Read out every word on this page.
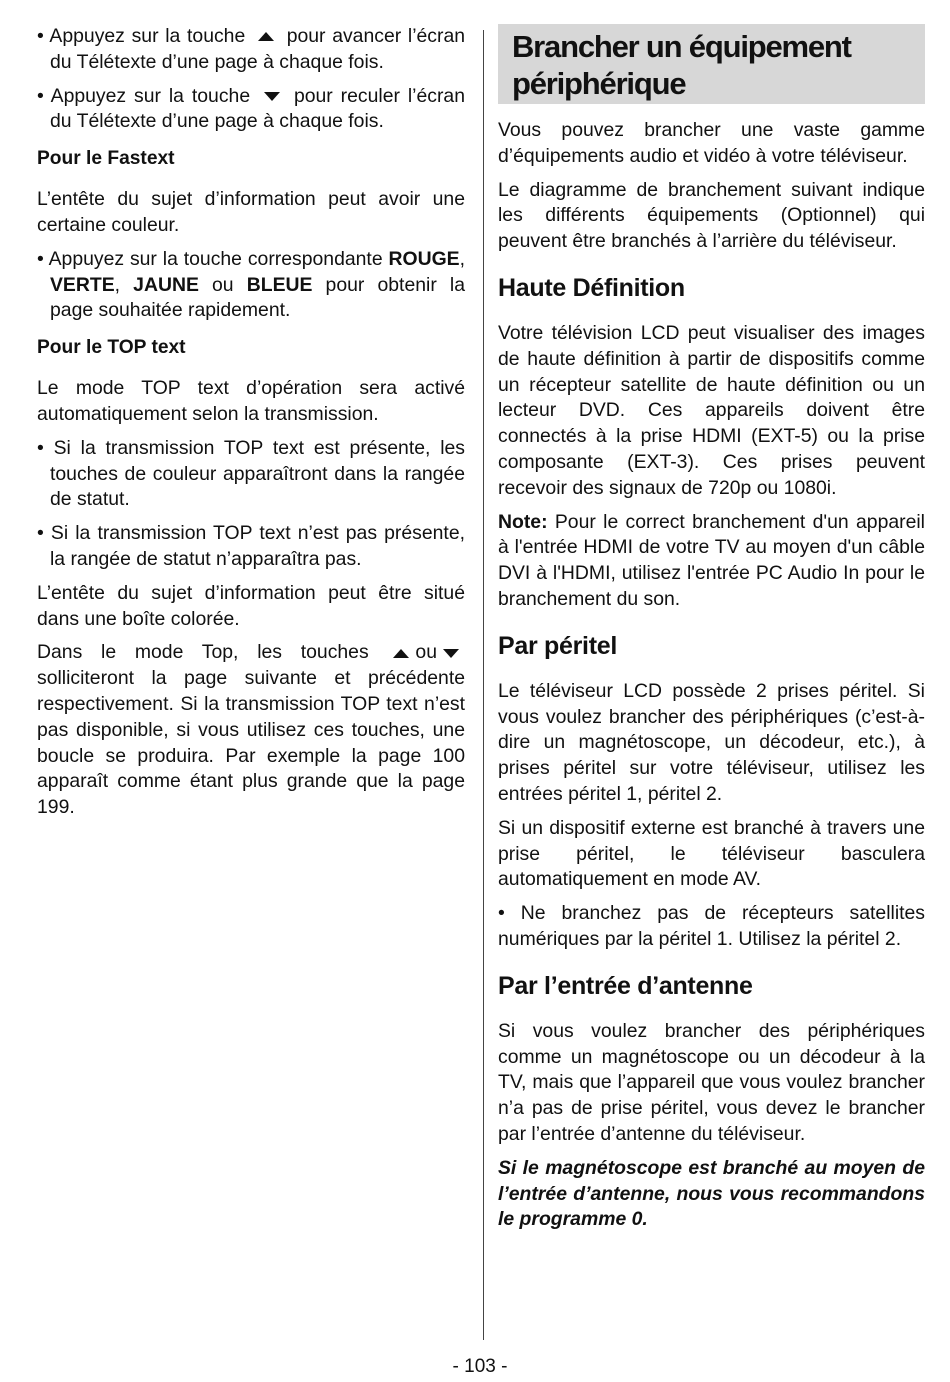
• Appuyez sur la touche pour avancer l’écran du Télétexte d’une page à chaque fois.

• Appuyez sur la touche pour reculer l’écran du Télétexte d’une page à chaque fois.

Pour le Fastext

L’entête du sujet d’information peut avoir une certaine couleur.

• Appuyez sur la touche correspondante ROUGE, VERTE, JAUNE ou BLEUE pour obtenir la page souhaitée rapidement.

Pour le TOP text

Le mode TOP text d’opération sera activé automatiquement selon la transmission.

• Si la transmission TOP text est présente, les touches de couleur apparaîtront dans la rangée de statut.

• Si la transmission TOP text n’est pas présente, la rangée de statut n’apparaîtra pas.

L’entête du sujet d’information peut être situé dans une boîte colorée.

Dans le mode Top, les touches ou solliciteront la page suivante et précédente respectivement. Si la transmission TOP text n’est pas disponible, si vous utilisez ces touches, une boucle se produira. Par exemple la page 100 apparaît comme étant plus grande que la page 199.

Brancher un équipement périphérique

Vous pouvez brancher une vaste gamme d’équipements audio et vidéo à votre téléviseur.

Le diagramme de branchement suivant indique les différents équipements (Optionnel) qui peuvent être branchés à l’arrière du téléviseur.

Haute Définition

Votre télévision LCD peut visualiser des images de haute définition à partir de dispositifs comme un récepteur satellite de haute définition ou un lecteur DVD. Ces appareils doivent être connectés à la prise HDMI (EXT-5) ou la prise composante (EXT-3). Ces prises peuvent recevoir des signaux de 720p ou 1080i.

Note: Pour le correct branchement d'un appareil à l'entrée HDMI de votre TV au moyen d'un câble DVI à l'HDMI, utilisez l'entrée PC Audio In pour le branchement du son.

Par péritel

Le téléviseur LCD possède 2 prises péritel. Si vous voulez brancher des périphériques (c’est-à-dire un magnétoscope, un décodeur, etc.), à prises péritel sur votre téléviseur, utilisez les entrées péritel 1, péritel 2.

Si un dispositif externe est branché à travers une prise péritel, le téléviseur basculera automatiquement en mode AV.

• Ne branchez pas de récepteurs satellites numériques par la péritel 1. Utilisez la péritel 2.

Par l’entrée d’antenne

Si vous voulez brancher des périphériques comme un magnétoscope ou un décodeur à la TV, mais que l’appareil que vous voulez brancher n’a pas de prise péritel, vous devez le brancher par l’entrée d’antenne du téléviseur.

Si le magnétoscope est branché au moyen de l’entrée d’antenne, nous vous recommandons le programme 0.

- 103 -
